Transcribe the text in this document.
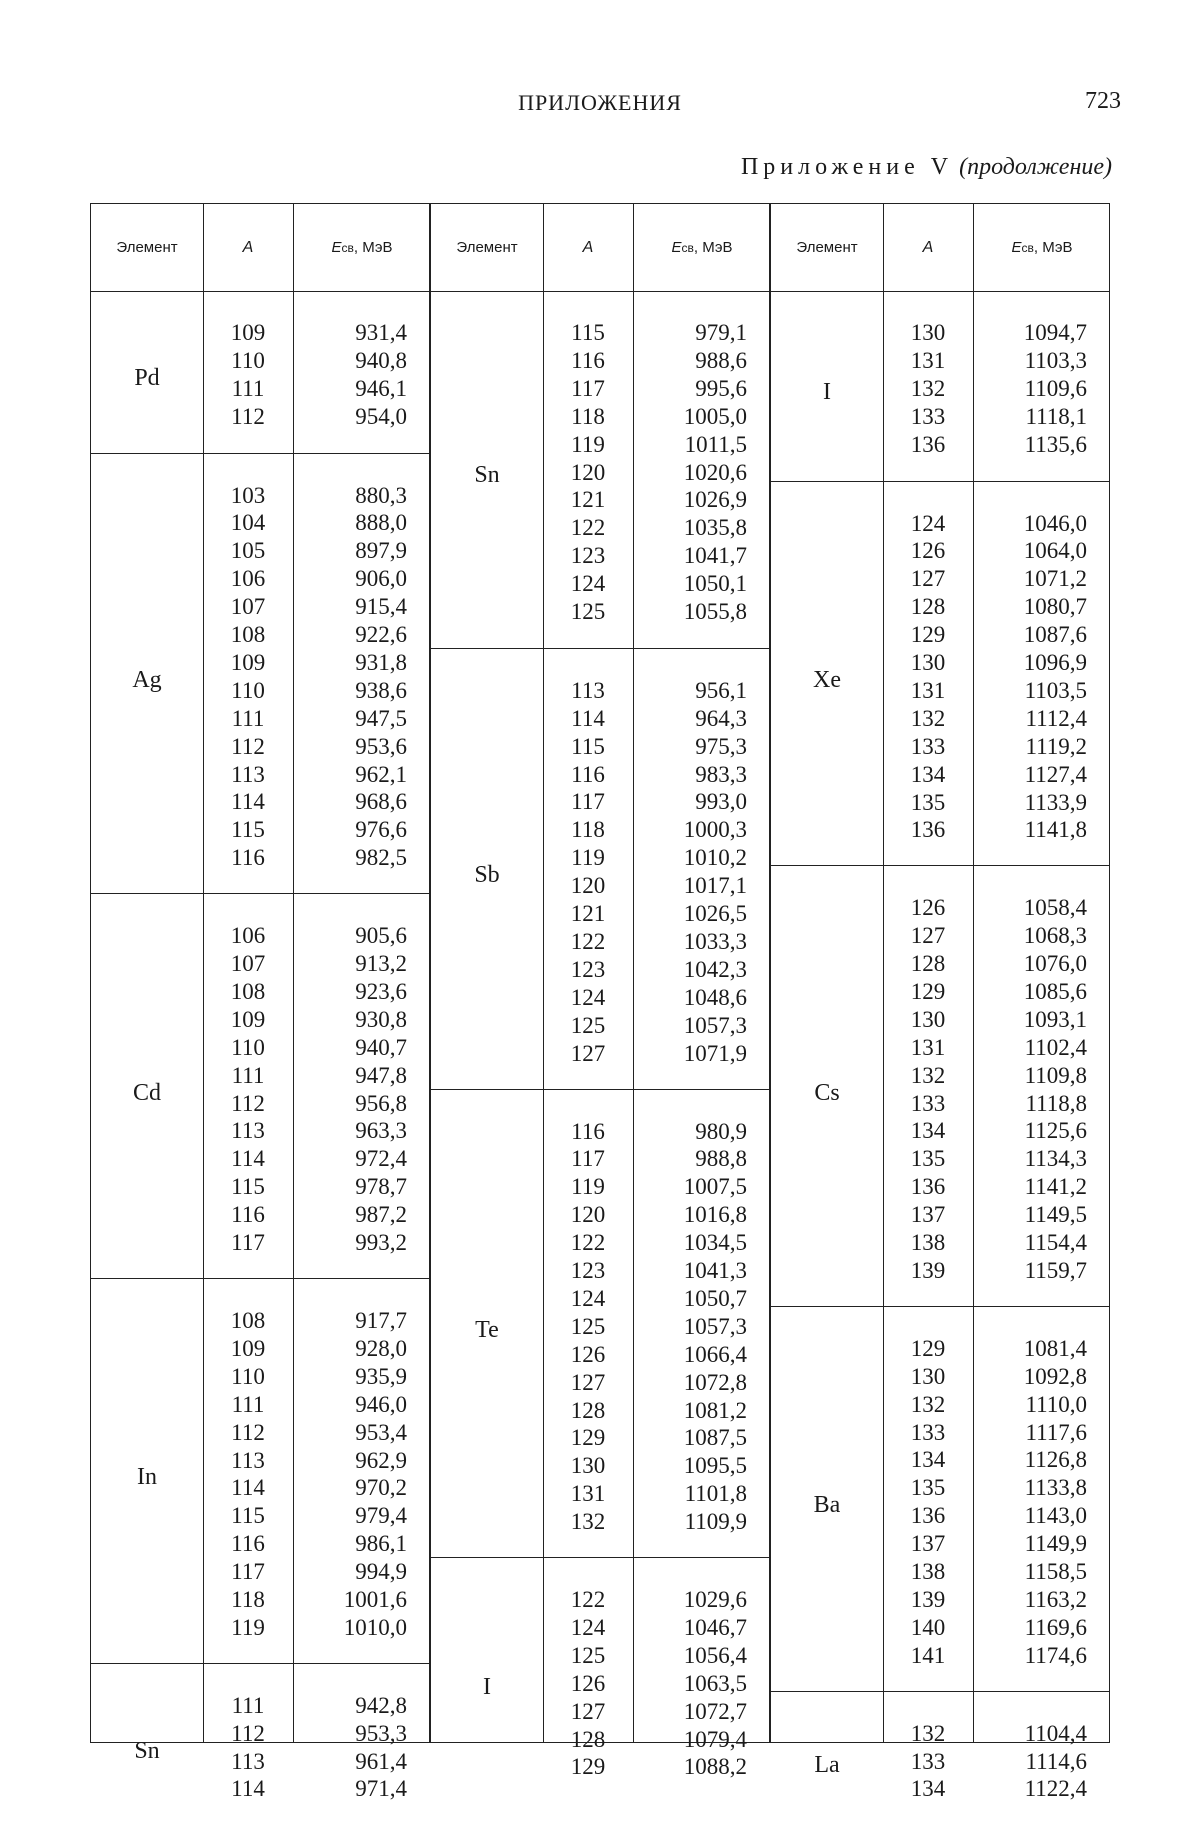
ПРИЛОЖЕНИЯ	723
Приложение V (продолжение)
Элемент	A	E св , МэВ
Pd
109	931,4
110	940,8
111	946,1
112	954,0
Ag
103	880,3
104	888,0
105	897,9
106	906,0
107	915,4
108	922,6
109	931,8
110	938,6
111	947,5
112	953,6
113	962,1
114	968,6
115	976,6
116	982,5
Cd
106	905,6
107	913,2
108	923,6
109	930,8
110	940,7
111	947,8
112	956,8
113	963,3
114	972,4
115	978,7
116	987,2
117	993,2
In
108	917,7
109	928,0
110	935,9
111	946,0
112	953,4
113	962,9
114	970,2
115	979,4
116	986,1
117	994,9
118	1001,6
119	1010,0
Sn
111	942,8
112	953,3
113	961,4
114	971,4
Элемент	A	E св , МэВ
Sn
115	979,1
116	988,6
117	995,6
118	1005,0
119	1011,5
120	1020,6
121	1026,9
122	1035,8
123	1041,7
124	1050,1
125	1055,8
Sb
113	956,1
114	964,3
115	975,3
116	983,3
117	993,0
118	1000,3
119	1010,2
120	1017,1
121	1026,5
122	1033,3
123	1042,3
124	1048,6
125	1057,3
127	1071,9
Te
116	980,9
117	988,8
119	1007,5
120	1016,8
122	1034,5
123	1041,3
124	1050,7
125	1057,3
126	1066,4
127	1072,8
128	1081,2
129	1087,5
130	1095,5
131	1101,8
132	1109,9
I
122	1029,6
124	1046,7
125	1056,4
126	1063,5
127	1072,7
128	1079,4
129	1088,2
Элемент	A	E св , МэВ
I
130	1094,7
131	1103,3
132	1109,6
133	1118,1
136	1135,6
Xe
124	1046,0
126	1064,0
127	1071,2
128	1080,7
129	1087,6
130	1096,9
131	1103,5
132	1112,4
133	1119,2
134	1127,4
135	1133,9
136	1141,8
Cs
126	1058,4
127	1068,3
128	1076,0
129	1085,6
130	1093,1
131	1102,4
132	1109,8
133	1118,8
134	1125,6
135	1134,3
136	1141,2
137	1149,5
138	1154,4
139	1159,7
Ba
129	1081,4
130	1092,8
132	1110,0
133	1117,6
134	1126,8
135	1133,8
136	1143,0
137	1149,9
138	1158,5
139	1163,2
140	1169,6
141	1174,6
La
132	1104,4
133	1114,6
134	1122,4
